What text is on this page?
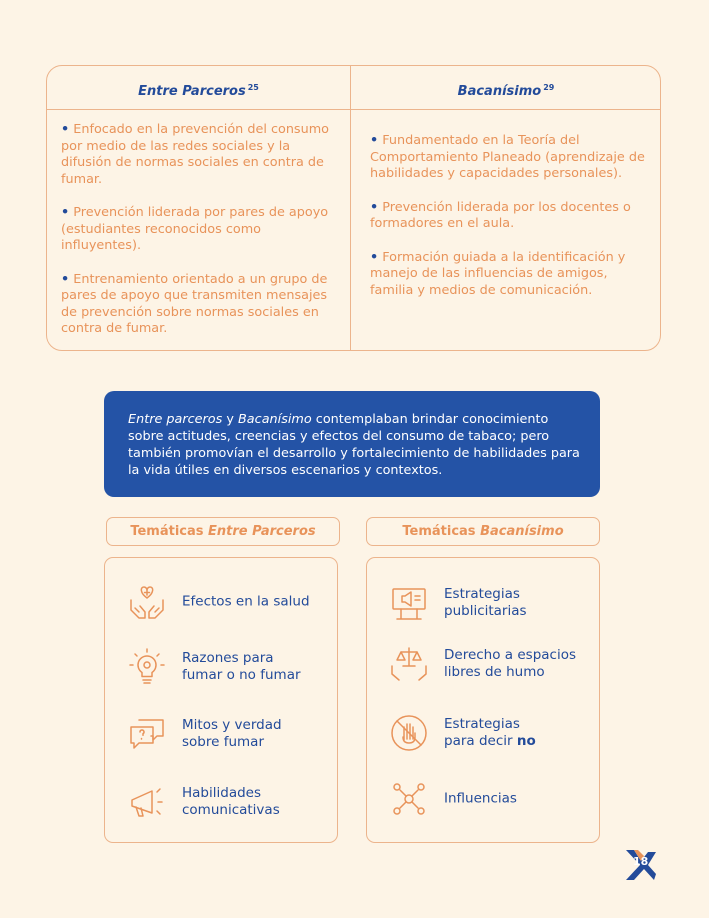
Entre Parceros $^{25}$	Bacanísimo $^{29}$

• Enfocado en la prevención del consumo por medio de las redes sociales y la difusión de normas sociales en contra de fumar.

• Prevención liderada por pares de apoyo (estudiantes reconocidos como influyentes).

• Entrenamiento orientado a un grupo de pares de apoyo que transmiten mensajes de prevención sobre normas sociales en contra de fumar.

• Fundamentado en la Teoría del Comportamiento Planeado (aprendizaje de habilidades y capacidades personales).

• Prevención liderada por los docentes o formadores en el aula.

• Formación guiada a la identificación y manejo de las influencias de amigos, familia y medios de comunicación.

Entre parceros y Bacanísimo contemplaban brindar conocimiento sobre actitudes, creencias y efectos del consumo de tabaco; pero también promovían el desarrollo y fortalecimiento de habilidades para la vida útiles en diversos escenarios y contextos.
Temáticas Entre Parceros	Temáticas Bacanísimo
Efectos en la salud
Razones para
fumar o no fumar
Mitos y verdad
sobre fumar
Habilidades
comunicativas
Estrategias
publicitarias
Derecho a espacios
libres de humo
Estrategias
para decir no
Influencias
18
